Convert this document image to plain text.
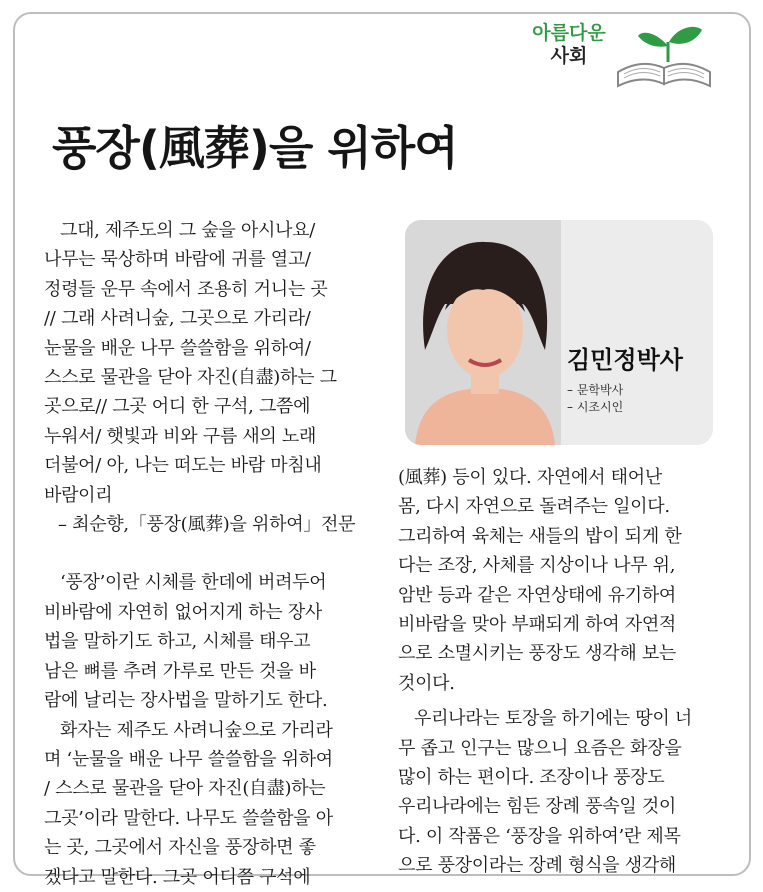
아름다운
사회
풍장(風葬)을 위하여

그대, 제주도의 그 숲을 아시나요/

나무는 묵상하며 바람에 귀를 열고/

정령들 운무 속에서 조용히 거니는 곳

// 그래 사려니숲, 그곳으로 가리라/

눈물을 배운 나무 쓸쓸함을 위하여/

스스로 물관을 닫아 자진(自盡)하는 그

곳으로// 그곳 어디 한 구석, 그쯤에

누워서/ 햇빛과 비와 구름 새의 노래

더불어/ 아, 나는 떠도는 바람 마침내

바람이리

– 최순향,「풍장(風葬)을 위하여」전문

‘풍장’이란 시체를 한데에 버려두어

비바람에 자연히 없어지게 하는 장사

법을 말하기도 하고, 시체를 태우고

남은 뼈를 추려 가루로 만든 것을 바

람에 날리는 장사법을 말하기도 한다.

화자는 제주도 사려니숲으로 가리라

며 ‘눈물을 배운 나무 쓸쓸함을 위하여

/ 스스로 물관을 닫아 자진(自盡)하는

그곳’이라 말한다. 나무도 쓸쓸함을 아

는 곳, 그곳에서 자신을 풍장하면 좋

겠다고 말한다. 그곳 어디쯤 구석에

김민정박사
– 문학박사
– 시조시인

(風葬) 등이 있다. 자연에서 태어난

몸, 다시 자연으로 돌려주는 일이다.

그리하여 육체는 새들의 밥이 되게 한

다는 조장, 사체를 지상이나 나무 위,

암반 등과 같은 자연상태에 유기하여

비바람을 맞아 부패되게 하여 자연적

으로 소멸시키는 풍장도 생각해 보는

것이다.

우리나라는 토장을 하기에는 땅이 너

무 좁고 인구는 많으니 요즘은 화장을

많이 하는 편이다. 조장이나 풍장도

우리나라에는 힘든 장례 풍속일 것이

다. 이 작품은 ‘풍장을 위하여’란 제목

으로 풍장이라는 장례 형식을 생각해
